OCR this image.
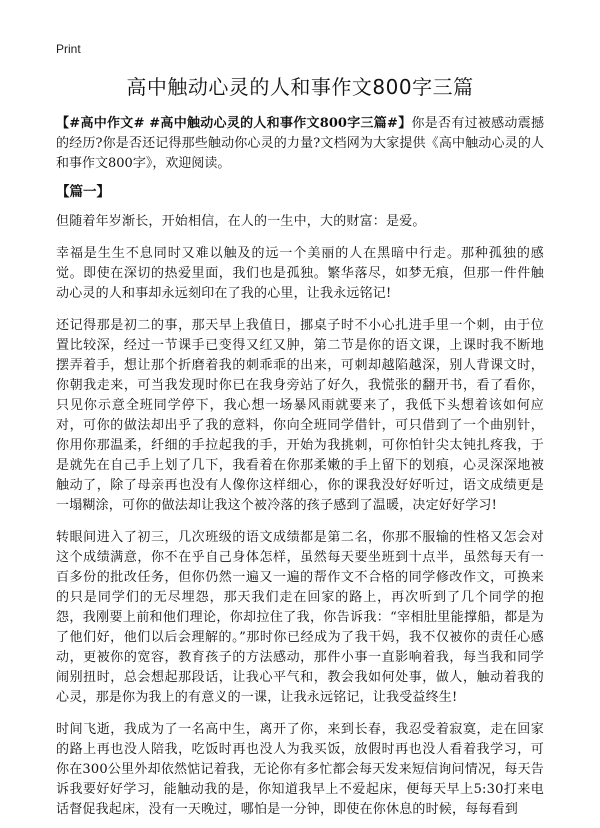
Print
高中触动心灵的人和事作文800字三篇

【#高中作文# #高中触动心灵的人和事作文800字三篇#】你是否有过被感动震撼的经历?你是否还记得那些触动你心灵的力量?文档网为大家提供《高中触动心灵的人和事作文800字》，欢迎阅读。

【篇一】

但随着年岁渐长，开始相信，在人的一生中，大的财富：是爱。

幸福是生生不息同时又难以触及的远一个美丽的人在黑暗中行走。那种孤独的感觉。即使在深切的热爱里面，我们也是孤独。繁华落尽，如梦无痕，但那一件件触动心灵的人和事却永远刻印在了我的心里，让我永远铭记!

还记得那是初二的事，那天早上我值日，挪桌子时不小心扎进手里一个刺，由于位置比较深，经过一节课手已变得又红又肿，第二节是你的语文课，上课时我不断地摆弄着手，想让那个折磨着我的刺乖乖的出来，可刺却越陷越深，别人背课文时，你朝我走来，可当我发现时你已在我身旁站了好久，我慌张的翻开书，看了看你，只见你示意全班同学停下，我心想一场暴风雨就要来了，我低下头想着该如何应对，可你的做法却出乎了我的意料，你向全班同学借针，可只借到了一个曲别针，你用你那温柔，纤细的手拉起我的手，开始为我挑刺，可你怕针尖太钝扎疼我，于是就先在自己手上划了几下，我看着在你那柔嫩的手上留下的划痕，心灵深深地被触动了，除了母亲再也没有人像你这样细心，你的课我没好好听过，语文成绩更是一塌糊涂，可你的做法却让我这个被冷落的孩子感到了温暖，决定好好学习!

转眼间进入了初三，几次班级的语文成绩都是第二名，你那不服输的性格又怎会对这个成绩满意，你不在乎自己身体怎样，虽然每天要坐班到十点半，虽然每天有一百多份的批改任务，但你仍然一遍又一遍的帮作文不合格的同学修改作文，可换来的只是同学们的无尽埋怨，那天我们走在回家的路上，再次听到了几个同学的抱怨，我刚要上前和他们理论，你却拉住了我，你告诉我：“宰相肚里能撑船，都是为了他们好，他们以后会理解的。”那时你已经成为了我干妈，我不仅被你的责任心感动，更被你的宽容，教育孩子的方法感动，那件小事一直影响着我，每当我和同学闹别扭时，总会想起那段话，让我心平气和，教会我如何处事，做人，触动着我的心灵，那是你为我上的有意义的一课，让我永远铭记，让我受益终生!

时间飞逝，我成为了一名高中生，离开了你，来到长春，我忍受着寂寞，走在回家的路上再也没人陪我，吃饭时再也没人为我买饭，放假时再也没人看着我学习，可你在300公里外却依然惦记着我，无论你有多忙都会每天发来短信询问情况，每天告诉我要好好学习，能触动我的是，你知道我早上不爱起床，便每天早上5:30打来电话督促我起床，没有一天晚过，哪怕是一分钟，即使在你休息的时候，每每看到
